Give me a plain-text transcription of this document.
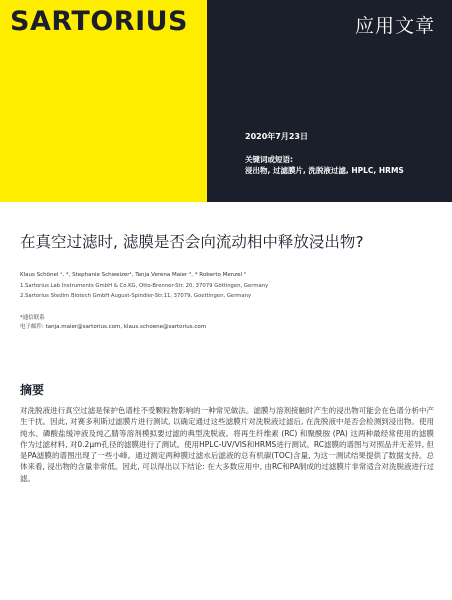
SARTORIUS	应用文章
2020年7月23日
关键词或短语:
浸出物, 过滤膜片, 洗脱液过滤, HPLC, HRMS
在真空过滤时, 滤膜是否会向流动相中释放浸出物?
Klaus Schönel ¹, *, Stephanie Schweizer¹, Tanja Verena Maier ², * Roberto Menzel ²
1.Sartorius Lab Instruments GmbH & Co.KG, Otto-Brenner-Str. 20, 37079 Göttingen, Germany
2.Sartorius Stedim Biotech GmbH August-Spindler-Str.11, 37079, Goettingen, Germany
*通信联系
电子邮件: tanja.maier@sartorius.com, klaus.schoene@sartorius.com
摘要

对洗脱液进行真空过滤是保护色谱柱不受颗粒物影响的一种常见做法。滤膜与溶剂接触时产生的浸出物可能会在色谱分析中产生干扰。因此, 对赛多利斯过滤膜片进行测试, 以确定通过这些滤膜片对洗脱液过滤后, 在洗脱液中是否会检测到浸出物。使用纯水、磷酸盐缓冲液及纯乙腈等溶剂模拟要过滤的典型洗脱液。将再生纤维素 (RC) 和聚酰胺 (PA) 这两种最经常使用的滤膜作为过滤材料, 对0.2μm孔径的滤膜进行了测试。使用HPLC-UV/VIS和HRMS进行测试。RC滤膜的谱图与对照品并无差异, 但是PA滤膜的谱图出现了一些小峰。通过测定两种膜过滤水后滤液的总有机碳(TOC)含量, 为这一测试结果提供了数据支持。总体来看, 浸出物的含量非常低。因此, 可以得出以下结论: 在大多数应用中, 由RC和PA制成的过滤膜片非常适合对洗脱液进行过滤。
